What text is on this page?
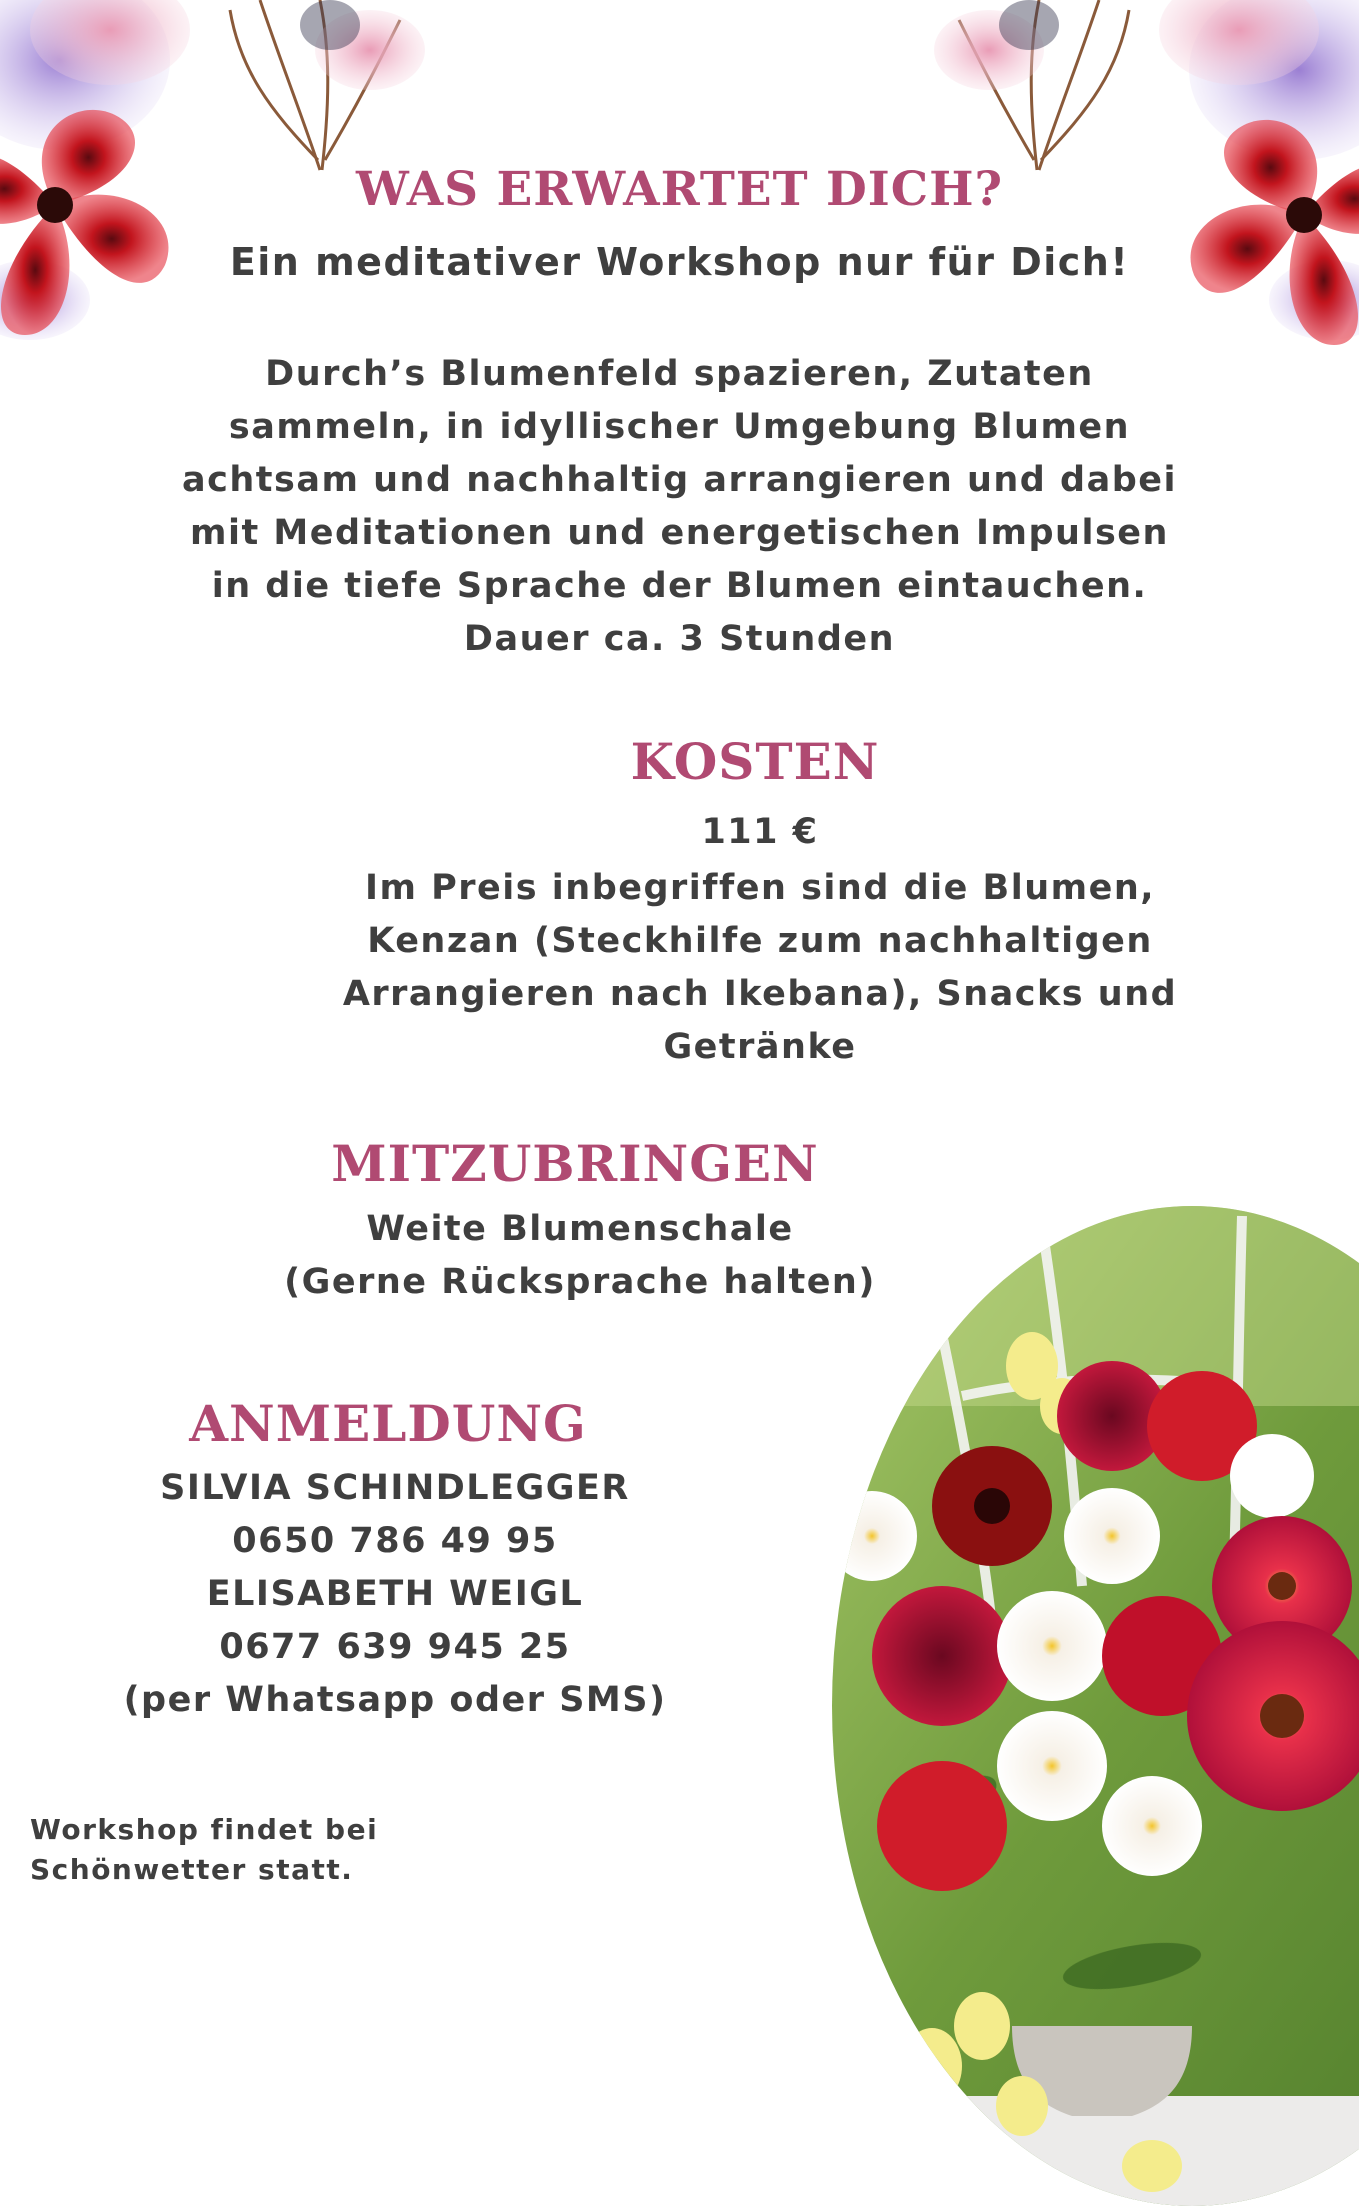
WAS ERWARTET DICH?
Ein meditativer Workshop nur für Dich!
Durch’s Blumenfeld spazieren, Zutaten
sammeln, in idyllischer Umgebung Blumen
achtsam und nachhaltig arrangieren und dabei
mit Meditationen und energetischen Impulsen
in die tiefe Sprache der Blumen eintauchen.
Dauer ca. 3 Stunden
KOSTEN
111 €
Im Preis inbegriffen sind die Blumen,
Kenzan (Steckhilfe zum nachhaltigen
Arrangieren nach Ikebana), Snacks und
Getränke
MITZUBRINGEN
Weite Blumenschale
(Gerne Rücksprache halten)
ANMELDUNG
SILVIA SCHINDLEGGER
0650 786 49 95
ELISABETH WEIGL
0677 639 945 25
(per Whatsapp oder SMS)
Workshop findet bei
Schönwetter statt.
